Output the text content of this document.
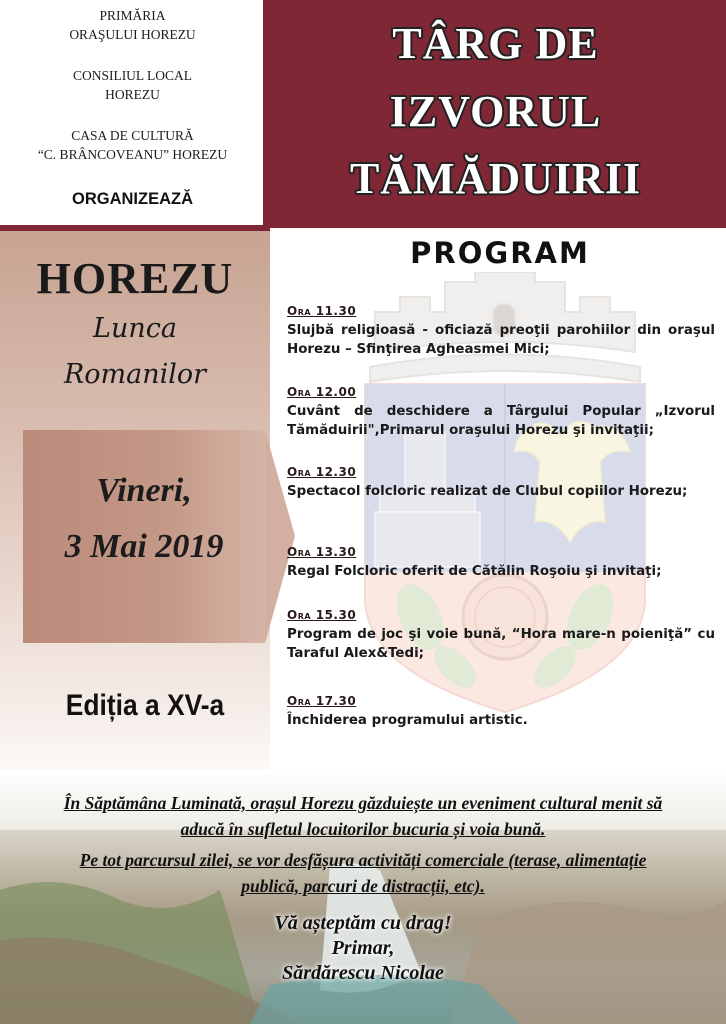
PRIMĂRIA
ORAŞULUI HOREZU
CONSILIUL LOCAL
HOREZU
CASA DE CULTURĂ
“C. BRÂNCOVEANU” HOREZU
ORGANIZEAZĂ
TÂRG DE
IZVORUL
TĂMĂDUIRII
HOREZU
Lunca
Romanilor
Vineri,
3 Mai 2019
Ediția a XV-a
PROGRAM
Ora 11.30
Slujbă religioasă - oficiază preoţii parohiilor din oraşul Horezu – Sfinţirea Agheasmei Mici;
Ora 12.00
Cuvânt de deschidere a Târgului Popular „Izvorul Tămăduirii",Primarul oraşului Horezu şi invitaţii;
Ora 12.30
Spectacol folcloric realizat de Clubul copiilor Horezu;
Ora 13.30
Regal Folcloric oferit de Cătălin Roşoiu şi invitaţi;
Ora 15.30
Program de joc şi voie bună, “Hora mare-n poieniţă” cu Taraful Alex&Tedi;
Ora 17.30
Închiderea programului artistic.
În Săptămâna Luminată, orașul Horezu găzduiește un eveniment cultural menit să
aducă în sufletul locuitorilor bucuria și voia bună.
Pe tot parcursul zilei, se vor desfășura activități comerciale (terase, alimentație
publică, parcuri de distracții, etc).
Vă așteptăm cu drag!
Primar,
Sărdărescu Nicolae
